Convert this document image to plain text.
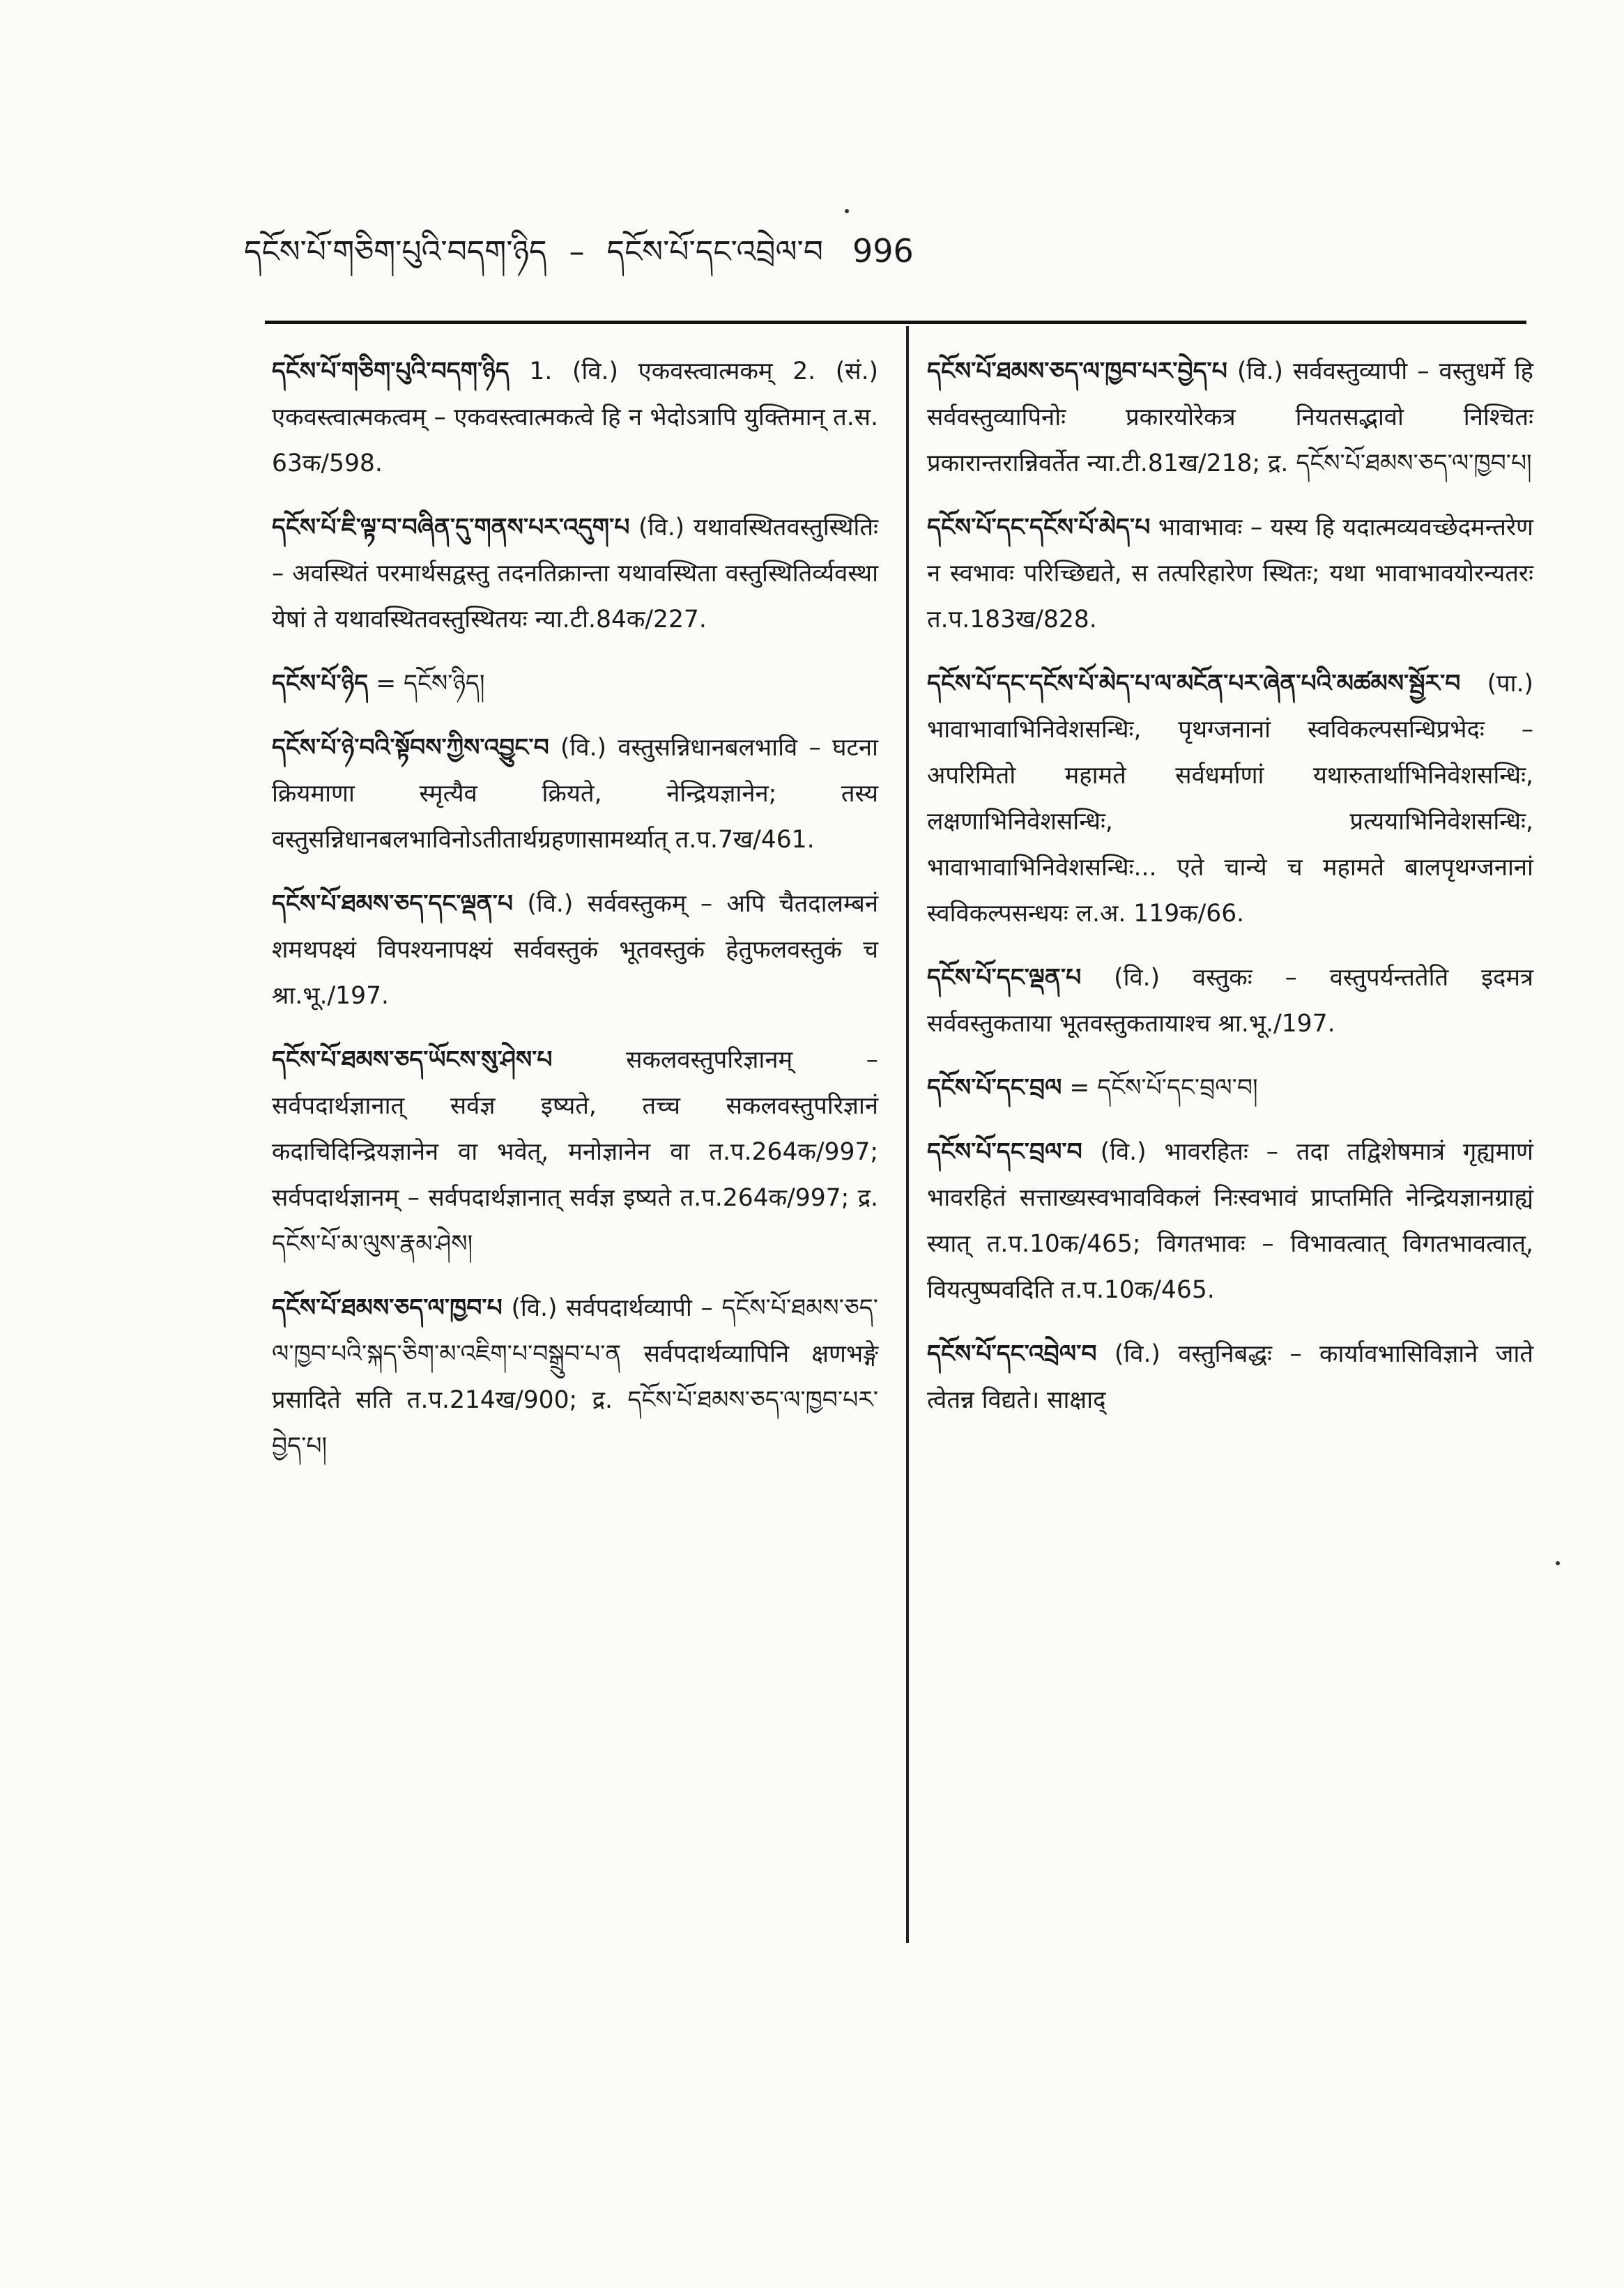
དངོས་པོ་གཅིག་པུའི་བདག་ཉིད – དངོས་པོ་དང་འབྲེལ་བ 996
དངོས་པོ་གཅིག་པུའི་བདག་ཉིད 1. (वि.) एकवस्त्वात्मकम् 2. (सं.) एकवस्त्वात्मकत्वम् – एकवस्त्वात्मकत्वे हि न भेदोऽत्रापि युक्तिमान् त.स. 63क/598.
དངོས་པོ་ཇི་ལྟ་བ་བཞིན་དུ་གནས་པར་འདུག་པ (वि.) यथावस्थितवस्तुस्थितिः – अवस्थितं परमार्थसद्वस्तु तदनतिक्रान्ता यथावस्थिता वस्तुस्थितिर्व्यवस्था येषां ते यथावस्थितवस्तुस्थितयः न्या.टी.84क/227.
དངོས་པོ་ཉིད = དངོས་ཉིད།
དངོས་པོ་ཉེ་བའི་སྟོབས་ཀྱིས་འབྱུང་བ (वि.) वस्तुसन्निधानबलभावि – घटना क्रियमाणा स्मृत्यैव क्रियते, नेन्द्रियज्ञानेन; तस्य वस्तुसन्निधानबलभाविनोऽतीतार्थग्रहणासामर्थ्यात् त.प.7ख/461.
དངོས་པོ་ཐམས་ཅད་དང་ལྡན་པ (वि.) सर्ववस्तुकम् – अपि चैतदालम्बनं शमथपक्ष्यं विपश्यनापक्ष्यं सर्ववस्तुकं भूतवस्तुकं हेतुफलवस्तुकं च श्रा.भू./197.
དངོས་པོ་ཐམས་ཅད་ཡོངས་སུ་ཤེས་པ	सकलवस्तुपरिज्ञानम् – सर्वपदार्थज्ञानात् सर्वज्ञ इष्यते, तच्च सकलवस्तुपरिज्ञानं कदाचिदिन्द्रियज्ञानेन वा भवेत्, मनोज्ञानेन वा त.प.264क/997; सर्वपदार्थज्ञानम् – सर्वपदार्थज्ञानात् सर्वज्ञ इष्यते त.प.264क/997; द्र. དངོས་པོ་མ་ལུས་རྣམ་ཤེས།
དངོས་པོ་ཐམས་ཅད་ལ་ཁྱབ་པ (वि.) सर्वपदार्थव्यापी – དངོས་པོ་ཐམས་ཅད་ལ་ཁྱབ་པའི་སྐད་ཅིག་མ་འཇིག་པ་བསྒྲུབ་པ་ན सर्वपदार्थव्यापिनि क्षणभङ्गे प्रसादिते सति त.प.214ख/900; द्र. དངོས་པོ་ཐམས་ཅད་ལ་ཁྱབ་པར་བྱེད་པ།
དངོས་པོ་ཐམས་ཅད་ལ་ཁྱབ་པར་བྱེད་པ (वि.) सर्ववस्तुव्यापी – वस्तुधर्मे हि सर्ववस्तुव्यापिनोः प्रकारयोरेकत्र नियतसद्भावो निश्चितः प्रकारान्तरान्निवर्तेत न्या.टी.81ख/218; द्र. དངོས་པོ་ཐམས་ཅད་ལ་ཁྱབ་པ།
དངོས་པོ་དང་དངོས་པོ་མེད་པ भावाभावः – यस्य हि यदात्मव्यवच्छेदमन्तरेण न स्वभावः परिच्छिद्यते, स तत्परिहारेण स्थितः; यथा भावाभावयोरन्यतरः त.प.183ख/828.
དངོས་པོ་དང་དངོས་པོ་མེད་པ་ལ་མངོན་པར་ཞེན་པའི་མཚམས་སྦྱོར་བ (पा.) भावाभावाभिनिवेशसन्धिः, पृथग्जनानां स्वविकल्पसन्धिप्रभेदः – अपरिमितो महामते सर्वधर्माणां यथारुतार्थाभिनिवेशसन्धिः, लक्षणाभिनिवेशसन्धिः, प्रत्ययाभिनिवेशसन्धिः, भावाभावाभिनिवेशसन्धिः... एते चान्ये च महामते बालपृथग्जनानां स्वविकल्पसन्धयः ल.अ. 119क/66.
དངོས་པོ་དང་ལྡན་པ (वि.) वस्तुकः – वस्तुपर्यन्ततेति इदमत्र सर्ववस्तुकताया भूतवस्तुकतायाश्च श्रा.भू./197.
དངོས་པོ་དང་བྲལ = དངོས་པོ་དང་བྲལ་བ།
དངོས་པོ་དང་བྲལ་བ (वि.) भावरहितः – तदा तद्विशेषमात्रं गृह्यमाणं भावरहितं सत्ताख्यस्वभावविकलं निःस्वभावं प्राप्तमिति नेन्द्रियज्ञानग्राह्यं स्यात् त.प.10क/465; विगतभावः – विभावत्वात् विगतभावत्वात्, वियत्पुष्पवदिति त.प.10क/465.
དངོས་པོ་དང་འབྲེལ་བ (वि.) वस्तुनिबद्धः – कार्यावभासिविज्ञाने जाते त्वेतन्न विद्यते। साक्षाद्
